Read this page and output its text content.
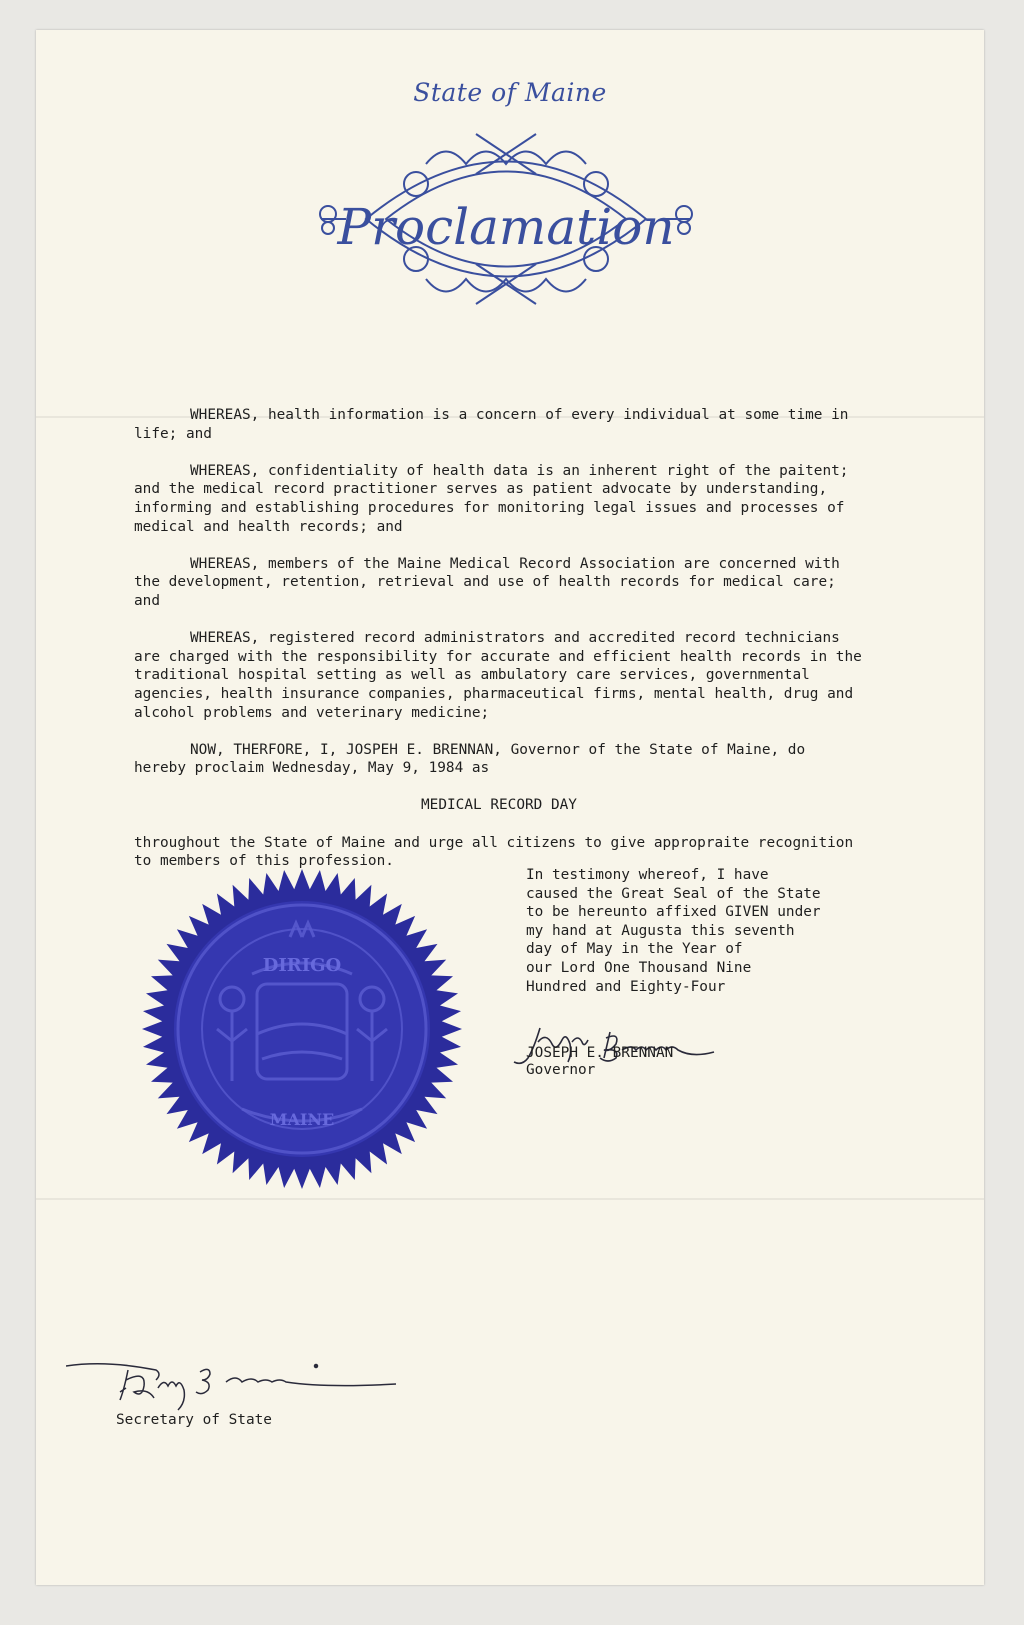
State of Maine
Proclamation

WHEREAS, health information is a concern of every individual at some time in life; and

WHEREAS, confidentiality of health data is an inherent right of the paitent; and the medical record practitioner serves as patient advocate by understanding, informing and establishing procedures for monitoring legal issues and processes of medical and health records; and

WHEREAS, members of the Maine Medical Record Association are concerned with the development, retention, retrieval and use of health records for medical care; and

WHEREAS, registered record administrators and accredited record technicians are charged with the responsibility for accurate and efficient health records in the traditional hospital setting as well as ambulatory care services, governmental agencies, health insurance companies, pharmaceutical firms, mental health, drug and alcohol problems and veterinary medicine;

NOW, THERFORE, I, JOSPEH E. BRENNAN, Governor of the State of Maine, do hereby proclaim Wednesday, May 9, 1984 as

MEDICAL RECORD DAY

throughout the State of Maine and urge all citizens to give appropraite recognition to members of this profession.

In testimony whereof, I have
caused the Great Seal of the State
to be hereunto affixed GIVEN under
my hand at Augusta this seventh
day of May in the Year of
our Lord One Thousand Nine
Hundred and Eighty-Four
JOSEPH E. BRENNAN
Governor
DIRIGO
MAINE
Secretary of State
